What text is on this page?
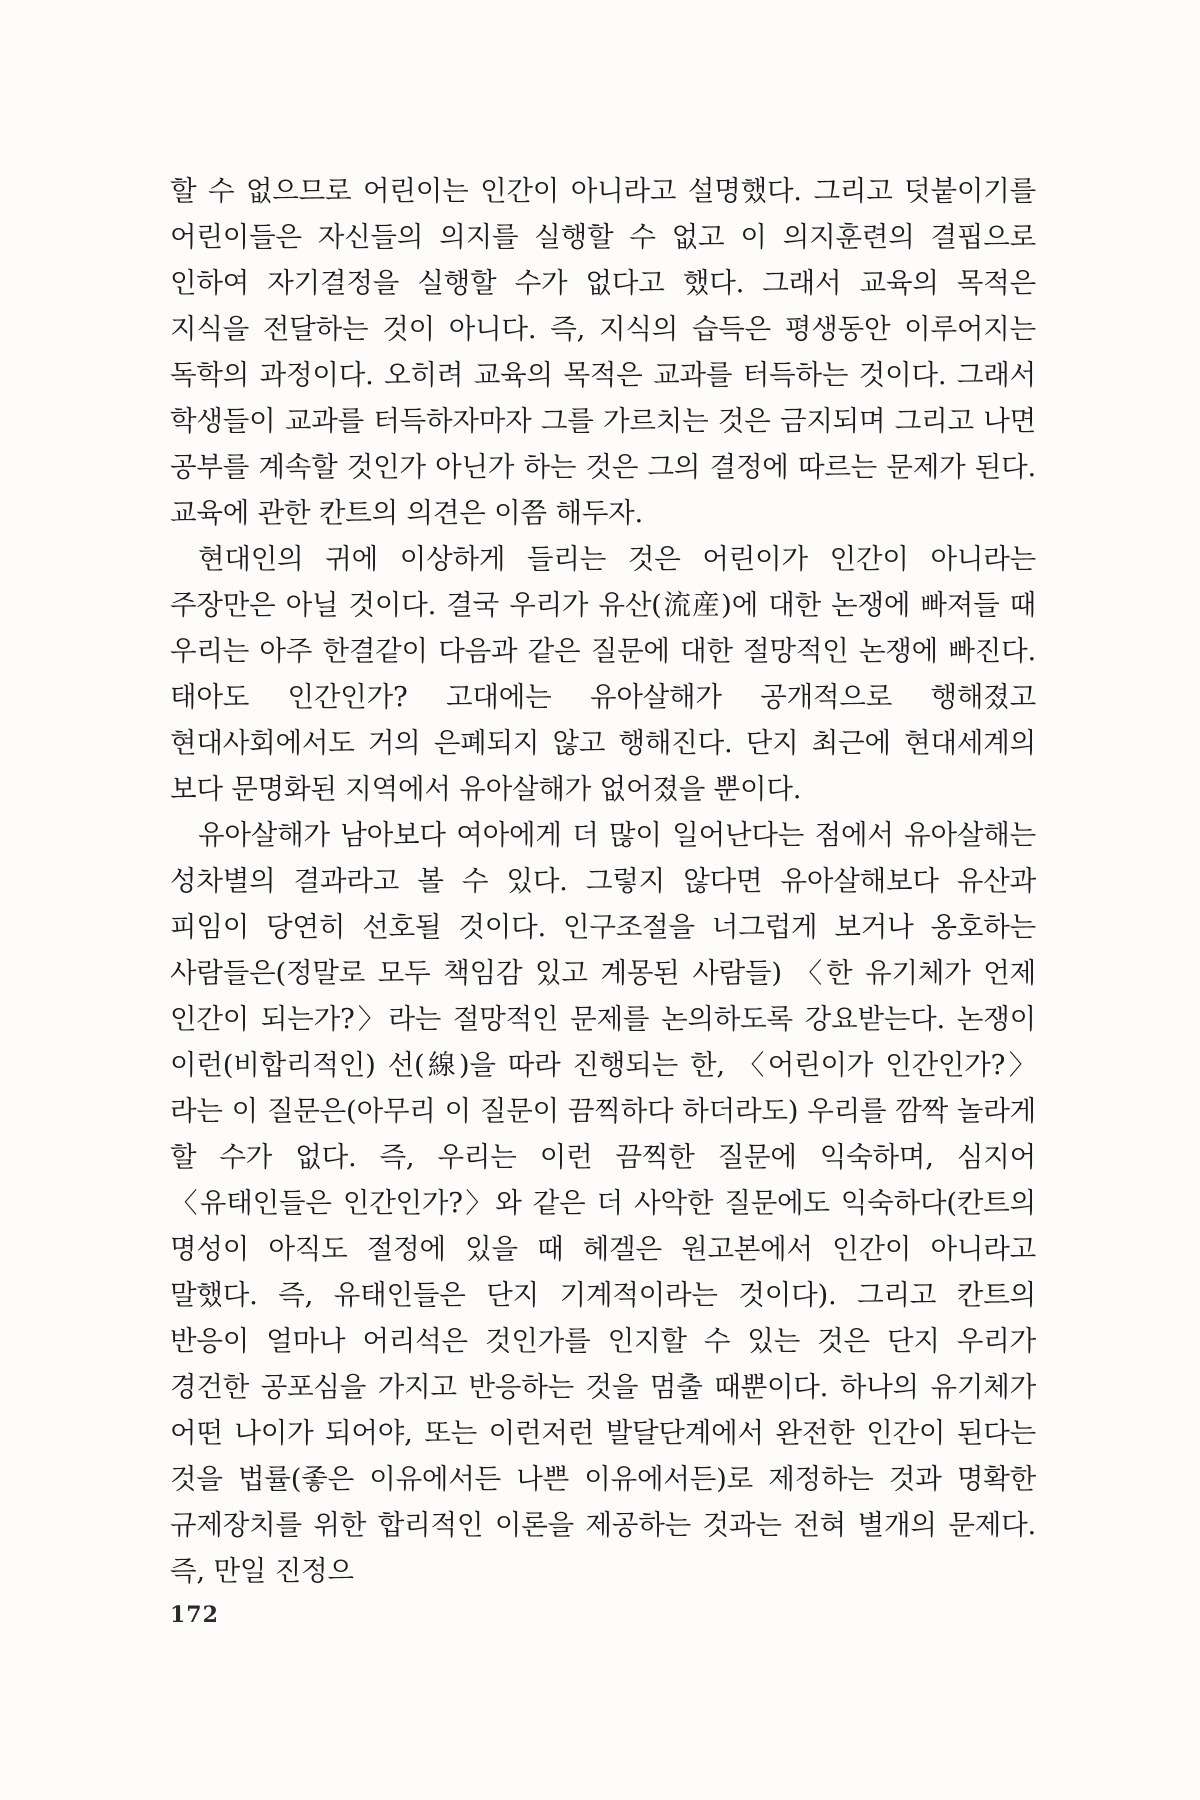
할 수 없으므로 어린이는 인간이 아니라고 설명했다. 그리고 덧붙이기를 어린이들은 자신들의 의지를 실행할 수 없고 이 의지훈련의 결핍으로 인하여 자기결정을 실행할 수가 없다고 했다. 그래서 교육의 목적은 지식을 전달하는 것이 아니다. 즉, 지식의 습득은 평생동안 이루어지는 독학의 과정이다. 오히려 교육의 목적은 교과를 터득하는 것이다. 그래서 학생들이 교과를 터득하자마자 그를 가르치는 것은 금지되며 그리고 나면 공부를 계속할 것인가 아닌가 하는 것은 그의 결정에 따르는 문제가 된다. 교육에 관한 칸트의 의견은 이쯤 해두자.

현대인의 귀에 이상하게 들리는 것은 어린이가 인간이 아니라는 주장만은 아닐 것이다. 결국 우리가 유산(流産)에 대한 논쟁에 빠져들 때 우리는 아주 한결같이 다음과 같은 질문에 대한 절망적인 논쟁에 빠진다. 태아도 인간인가? 고대에는 유아살해가 공개적으로 행해졌고 현대사회에서도 거의 은폐되지 않고 행해진다. 단지 최근에 현대세계의 보다 문명화된 지역에서 유아살해가 없어졌을 뿐이다.

유아살해가 남아보다 여아에게 더 많이 일어난다는 점에서 유아살해는 성차별의 결과라고 볼 수 있다. 그렇지 않다면 유아살해보다 유산과 피임이 당연히 선호될 것이다. 인구조절을 너그럽게 보거나 옹호하는 사람들은(정말로 모두 책임감 있고 계몽된 사람들) 〈한 유기체가 언제 인간이 되는가?〉라는 절망적인 문제를 논의하도록 강요받는다. 논쟁이 이런(비합리적인) 선(線)을 따라 진행되는 한, 〈어린이가 인간인가?〉라는 이 질문은(아무리 이 질문이 끔찍하다 하더라도) 우리를 깜짝 놀라게 할 수가 없다. 즉, 우리는 이런 끔찍한 질문에 익숙하며, 심지어 〈유태인들은 인간인가?〉와 같은 더 사악한 질문에도 익숙하다(칸트의 명성이 아직도 절정에 있을 때 헤겔은 원고본에서 인간이 아니라고 말했다. 즉, 유태인들은 단지 기계적이라는 것이다). 그리고 칸트의 반응이 얼마나 어리석은 것인가를 인지할 수 있는 것은 단지 우리가 경건한 공포심을 가지고 반응하는 것을 멈출 때뿐이다. 하나의 유기체가 어떤 나이가 되어야, 또는 이런저런 발달단계에서 완전한 인간이 된다는 것을 법률(좋은 이유에서든 나쁜 이유에서든)로 제정하는 것과 명확한 규제장치를 위한 합리적인 이론을 제공하는 것과는 전혀 별개의 문제다. 즉, 만일 진정으

172
